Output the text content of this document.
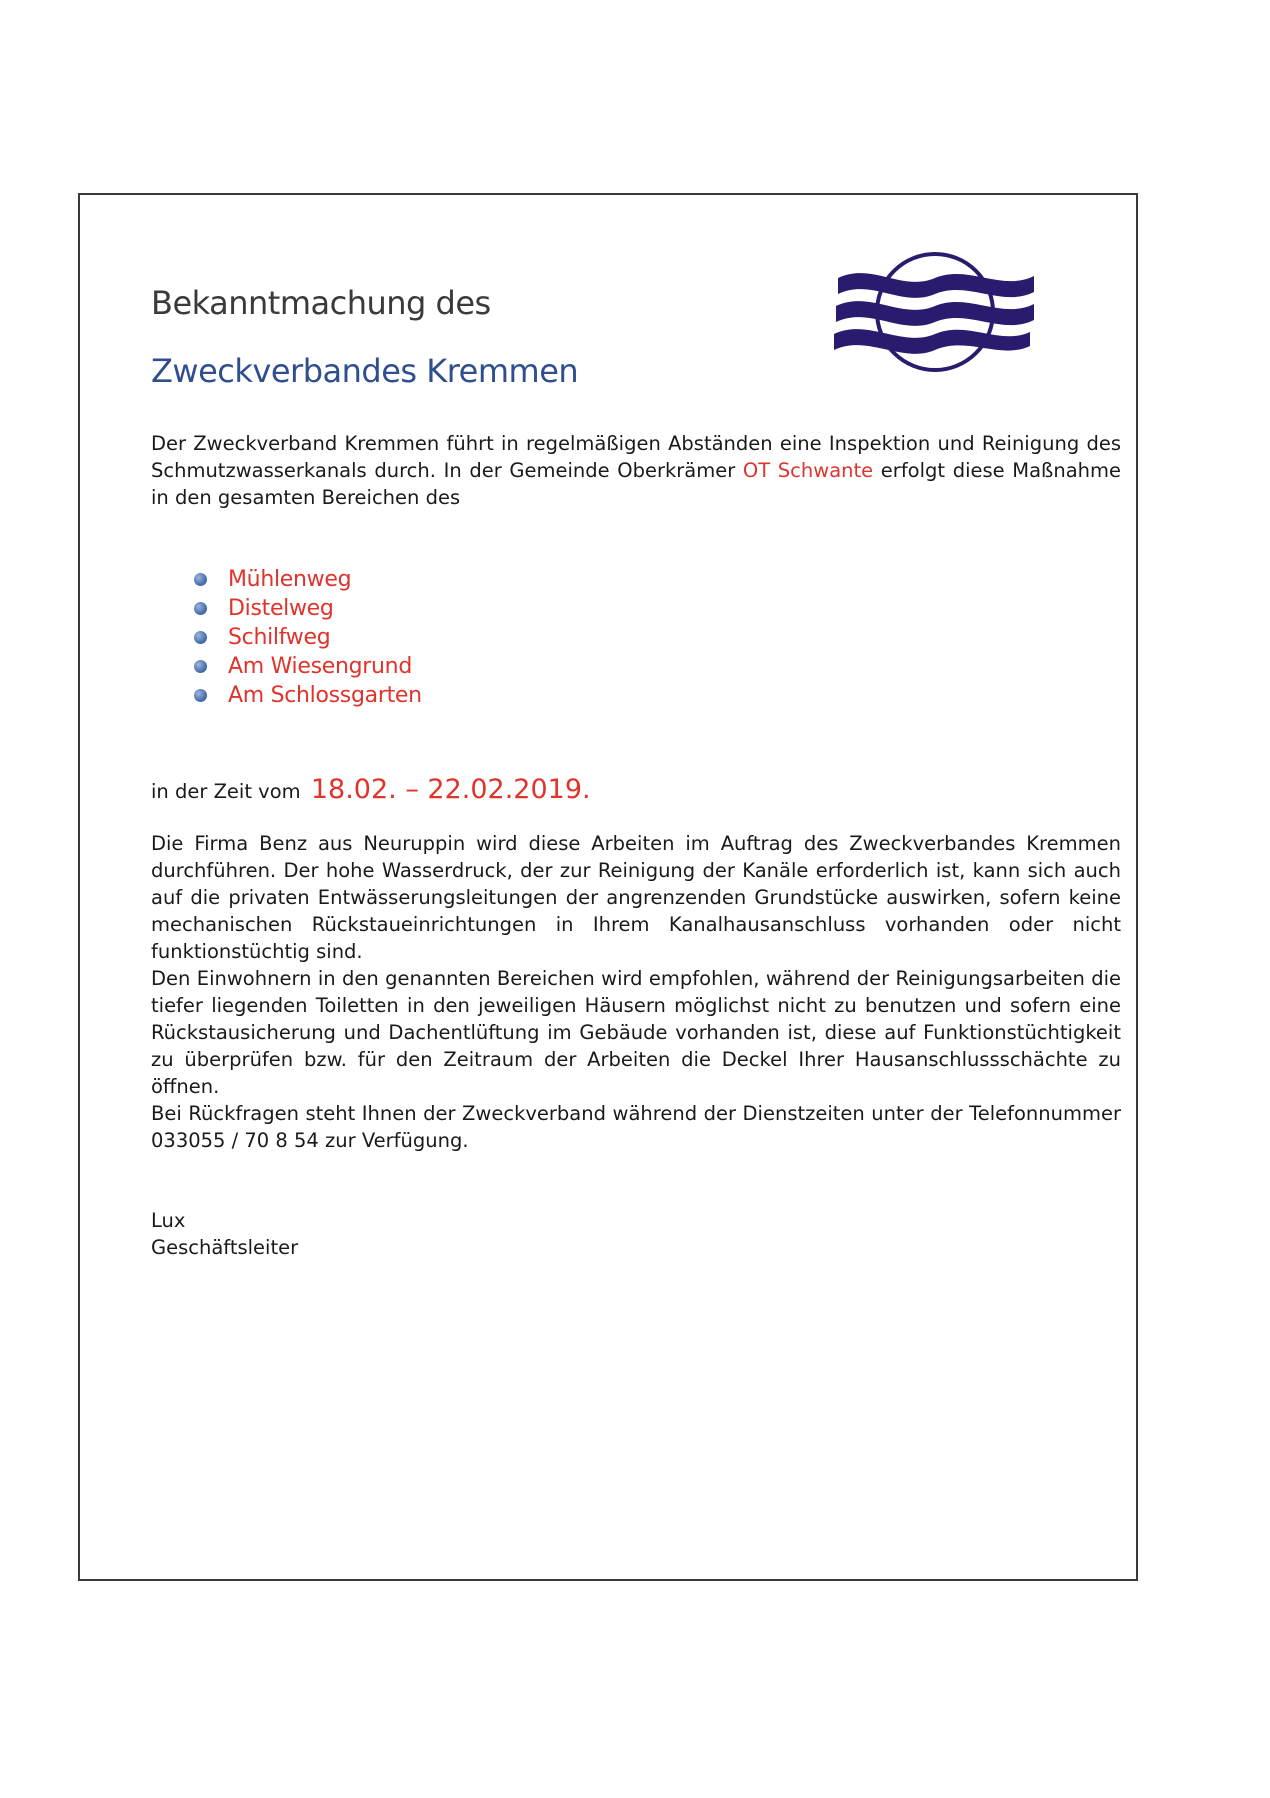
Bekanntmachung des
Zweckverbandes Kremmen
Der Zweckverband Kremmen führt in regelmäßigen Abständen eine Inspektion und Reinigung des Schmutzwasserkanals durch. In der Gemeinde Oberkrämer OT Schwante erfolgt diese Maßnahme in den gesamten Bereichen des
Mühlenweg
Distelweg
Schilfweg
Am Wiesengrund
Am Schlossgarten
in der Zeit vom 18.02. – 22.02.2019.

Die Firma Benz aus Neuruppin wird diese Arbeiten im Auftrag des Zweckverbandes Kremmen durchführen. Der hohe Wasserdruck, der zur Reinigung der Kanäle erforderlich ist, kann sich auch auf die privaten Entwässerungsleitungen der angrenzenden Grundstücke auswirken, sofern keine mechanischen Rückstaueinrichtungen in Ihrem Kanalhausanschluss vorhanden oder nicht funktionstüchtig sind.

Den Einwohnern in den genannten Bereichen wird empfohlen, während der Reinigungsarbeiten die tiefer liegenden Toiletten in den jeweiligen Häusern möglichst nicht zu benutzen und sofern eine Rückstausicherung und Dachentlüftung im Gebäude vorhanden ist, diese auf Funktionstüchtigkeit zu überprüfen bzw. für den Zeitraum der Arbeiten die Deckel Ihrer Hausanschlussschächte zu öffnen.

Bei Rückfragen steht Ihnen der Zweckverband während der Dienstzeiten unter der Telefonnummer 033055 / 70 8 54 zur Verfügung.

Lux
Geschäftsleiter
